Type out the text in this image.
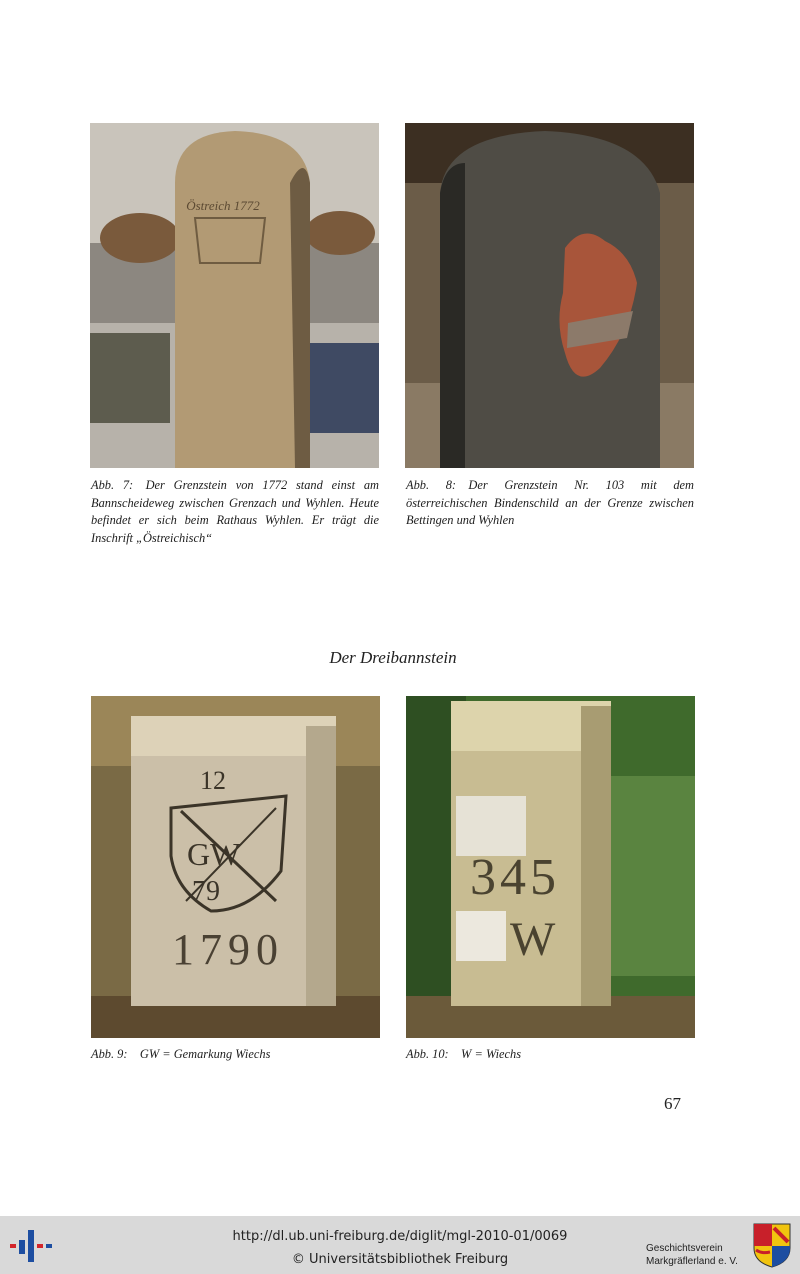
Östreich 1772
Abb. 7: Der Grenzstein von 1772 stand einst am Bannscheideweg zwischen Grenzach und Wyhlen. Heute befindet er sich beim Rathaus Wyhlen. Er trägt die Inschrift „Östreichisch“
Abb. 8: Der Grenzstein Nr. 103 mit dem österreichischen Bindenschild an der Grenze zwischen Bettingen und Wyhlen
Der Dreibannstein
12
GW
79
1790
345
W
Abb. 9: GW = Gemarkung Wiechs	Abb. 10: W = Wiechs
67
http://dl.ub.uni-freiburg.de/diglit/mgl-2010-01/0069
© Universitätsbibliothek Freiburg
Geschichtsverein
Markgräflerland e. V.
